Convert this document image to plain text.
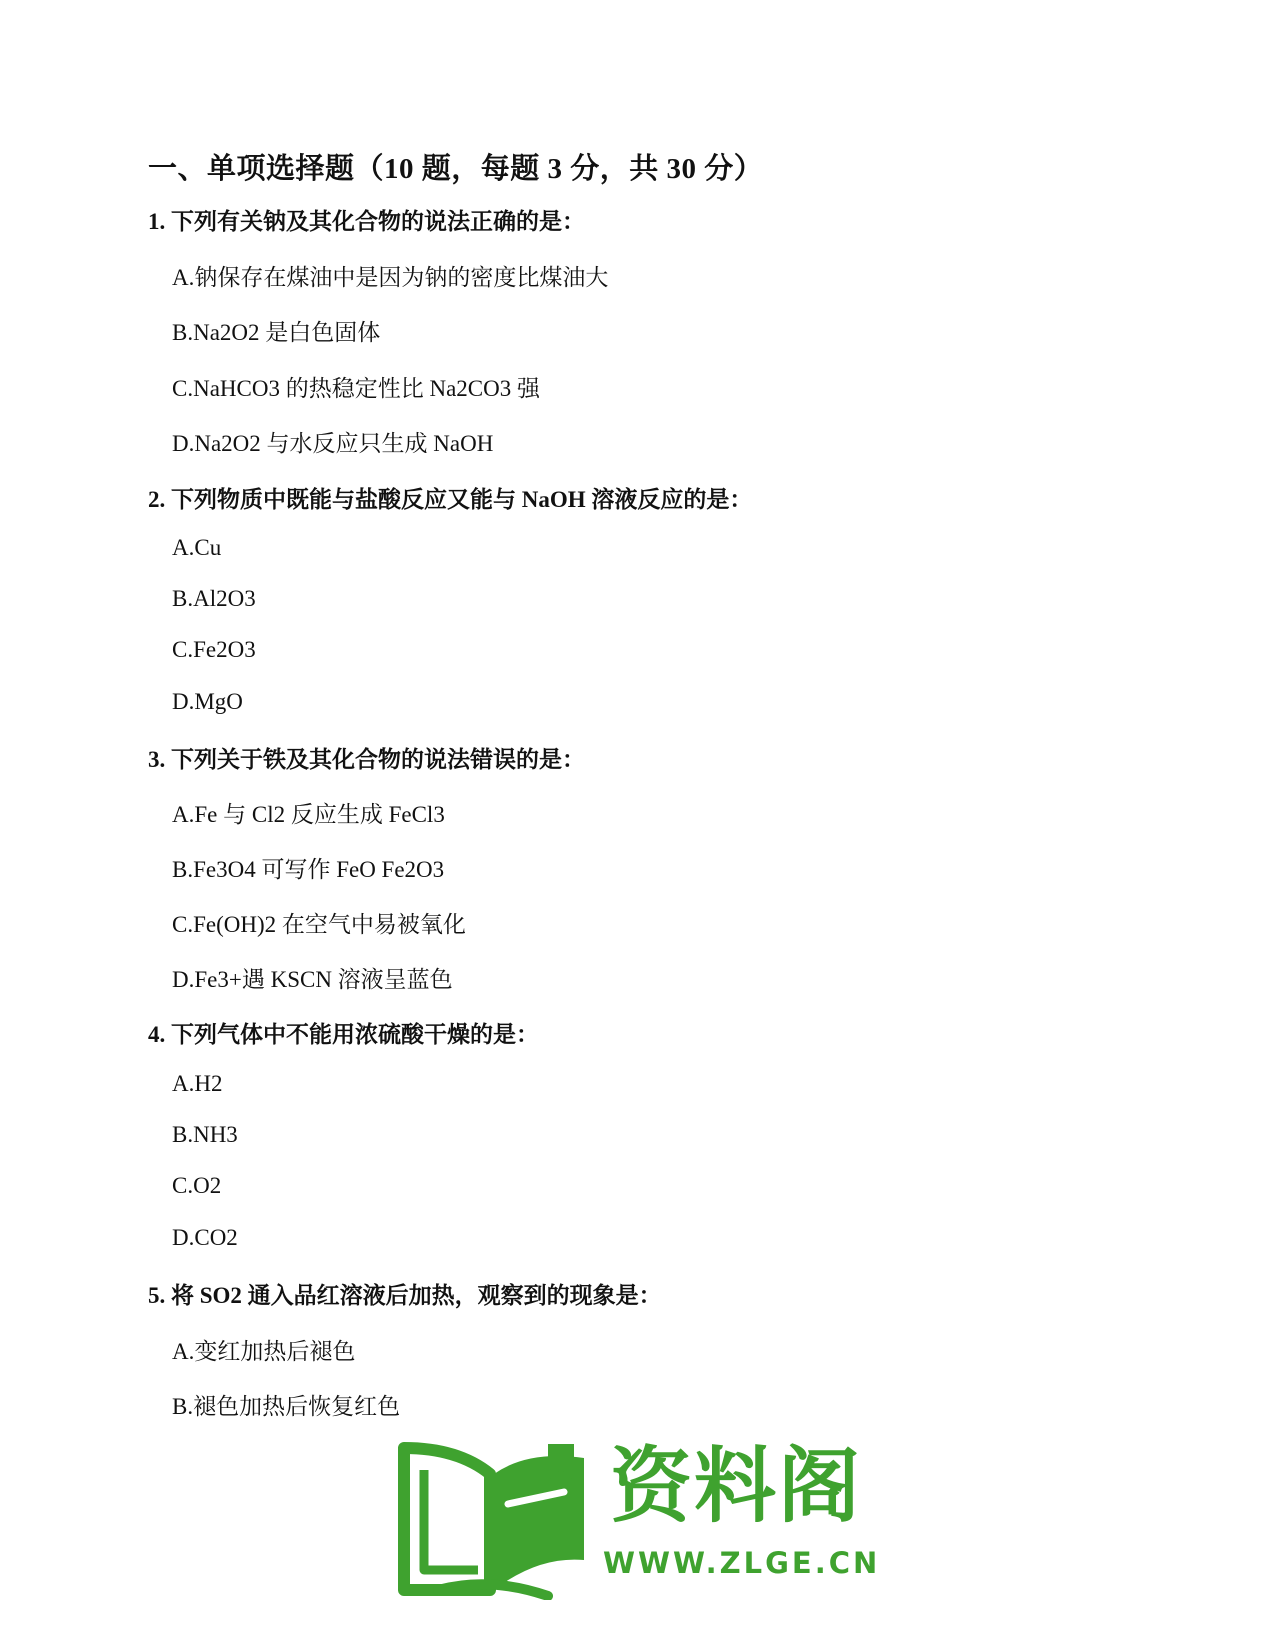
一、单项选择题（10 题，每题 3 分，共 30 分）
1. 下列有关钠及其化合物的说法正确的是：
A.钠保存在煤油中是因为钠的密度比煤油大
B.Na2O2 是白色固体
C.NaHCO3 的热稳定性比 Na2CO3 强
D.Na2O2 与水反应只生成 NaOH
2. 下列物质中既能与盐酸反应又能与 NaOH 溶液反应的是：
A.Cu
B.Al2O3
C.Fe2O3
D.MgO
3. 下列关于铁及其化合物的说法错误的是：
A.Fe 与 Cl2 反应生成 FeCl3
B.Fe3O4 可写作 FeO Fe2O3
C.Fe(OH)2 在空气中易被氧化
D.Fe3+遇 KSCN 溶液呈蓝色
4. 下列气体中不能用浓硫酸干燥的是：
A.H2
B.NH3
C.O2
D.CO2
5. 将 SO2 通入品红溶液后加热，观察到的现象是：
A.变红加热后褪色
B.褪色加热后恢复红色
资料阁
WWW.ZLGE.CN
